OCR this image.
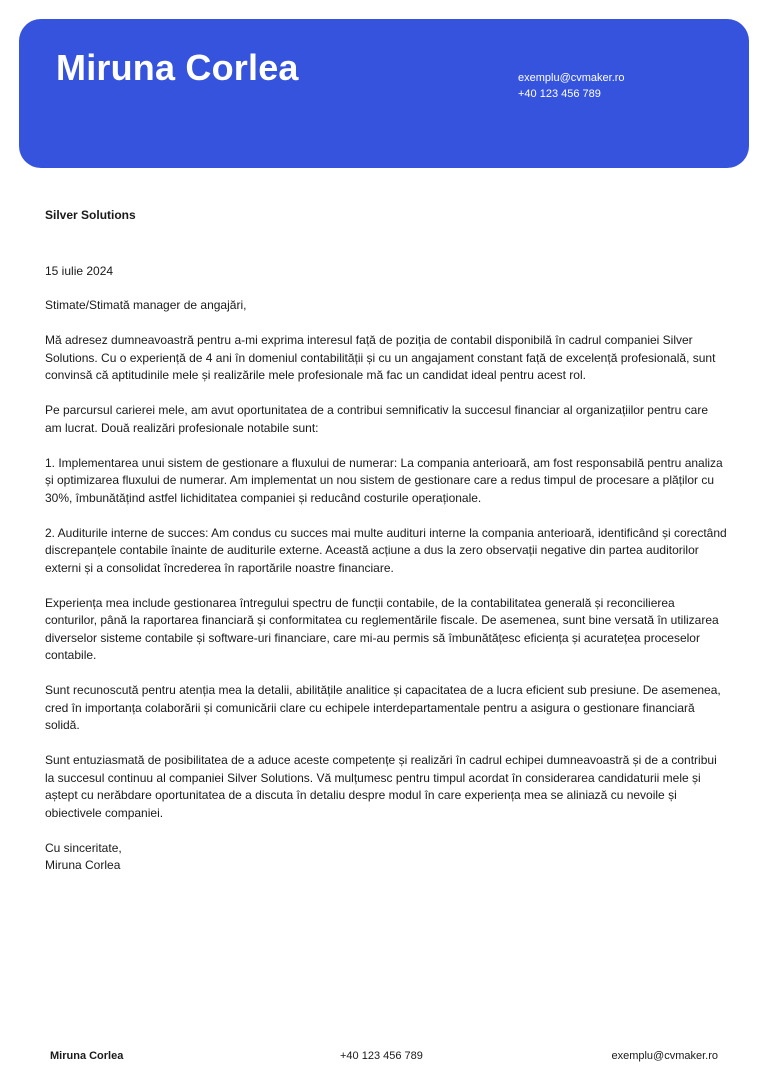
Miruna Corlea	exemplu@cvmaker.ro
+40 123 456 789

Silver Solutions

15 iulie 2024

Stimate/Stimată manager de angajări,

Mă adresez dumneavoastră pentru a-mi exprima interesul față de poziția de contabil disponibilă în cadrul companiei Silver Solutions. Cu o experiență de 4 ani în domeniul contabilității și cu un angajament constant față de excelență profesională, sunt convinsă că aptitudinile mele și realizările mele profesionale mă fac un candidat ideal pentru acest rol.

Pe parcursul carierei mele, am avut oportunitatea de a contribui semnificativ la succesul financiar al organizațiilor pentru care am lucrat. Două realizări profesionale notabile sunt:

1. Implementarea unui sistem de gestionare a fluxului de numerar: La compania anterioară, am fost responsabilă pentru analiza și optimizarea fluxului de numerar. Am implementat un nou sistem de gestionare care a redus timpul de procesare a plăților cu 30%, îmbunătățind astfel lichiditatea companiei și reducând costurile operaționale.

2. Auditurile interne de succes: Am condus cu succes mai multe audituri interne la compania anterioară, identificând și corectând discrepanțele contabile înainte de auditurile externe. Această acțiune a dus la zero observații negative din partea auditorilor externi și a consolidat încrederea în raportările noastre financiare.

Experiența mea include gestionarea întregului spectru de funcții contabile, de la contabilitatea generală și reconcilierea conturilor, până la raportarea financiară și conformitatea cu reglementările fiscale. De asemenea, sunt bine versată în utilizarea diverselor sisteme contabile și software-uri financiare, care mi-au permis să îmbunătățesc eficiența și acuratețea proceselor contabile.

Sunt recunoscută pentru atenția mea la detalii, abilitățile analitice și capacitatea de a lucra eficient sub presiune. De asemenea, cred în importanța colaborării și comunicării clare cu echipele interdepartamentale pentru a asigura o gestionare financiară solidă.

Sunt entuziasmată de posibilitatea de a aduce aceste competențe și realizări în cadrul echipei dumneavoastră și de a contribui la succesul continuu al companiei Silver Solutions. Vă mulțumesc pentru timpul acordat în considerarea candidaturii mele și aștept cu nerăbdare oportunitatea de a discuta în detaliu despre modul în care experiența mea se aliniază cu nevoile și obiectivele companiei.

Cu sinceritate,
Miruna Corlea
Miruna Corlea	+40 123 456 789	exemplu@cvmaker.ro
